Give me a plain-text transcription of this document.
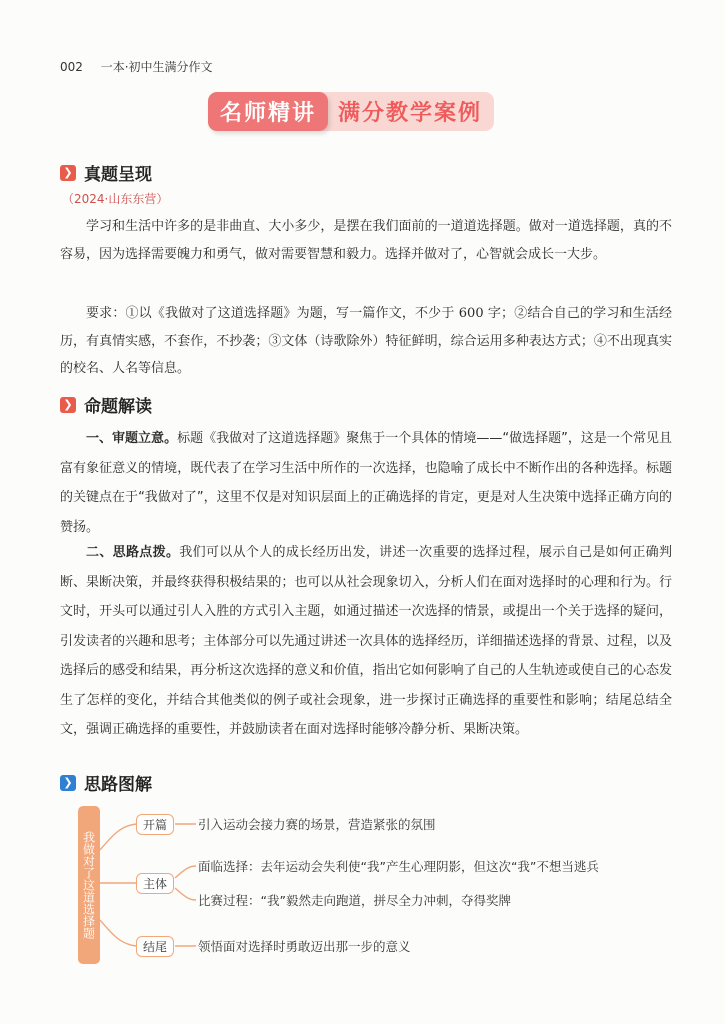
002 一本·初中生满分作文
名师精讲	满分教学案例
❯ 真题呈现
（2024·山东东营）

学习和生活中许多的是非曲直、大小多少，是摆在我们面前的一道道选择题。做对一道选择题，真的不容易，因为选择需要魄力和勇气，做对需要智慧和毅力。选择并做对了，心智就会成长一大步。

要求：①以《我做对了这道选择题》为题，写一篇作文，不少于 600 字；②结合自己的学习和生活经历，有真情实感，不套作，不抄袭；③文体（诗歌除外）特征鲜明，综合运用多种表达方式；④不出现真实的校名、人名等信息。

❯ 命题解读

一、审题立意。标题《我做对了这道选择题》聚焦于一个具体的情境——“做选择题”，这是一个常见且富有象征意义的情境，既代表了在学习生活中所作的一次选择，也隐喻了成长中不断作出的各种选择。标题的关键点在于“我做对了”，这里不仅是对知识层面上的正确选择的肯定，更是对人生决策中选择正确方向的赞扬。

二、思路点拨。我们可以从个人的成长经历出发，讲述一次重要的选择过程，展示自己是如何正确判断、果断决策，并最终获得积极结果的；也可以从社会现象切入，分析人们在面对选择时的心理和行为。行文时，开头可以通过引人入胜的方式引入主题，如通过描述一次选择的情景，或提出一个关于选择的疑问，引发读者的兴趣和思考；主体部分可以先通过讲述一次具体的选择经历，详细描述选择的背景、过程，以及选择后的感受和结果，再分析这次选择的意义和价值，指出它如何影响了自己的人生轨迹或使自己的心态发生了怎样的变化，并结合其他类似的例子或社会现象，进一步探讨正确选择的重要性和影响；结尾总结全文，强调正确选择的重要性，并鼓励读者在面对选择时能够冷静分析、果断决策。

❯ 思路图解
我做对了这道选择题
开篇	引入运动会接力赛的场景，营造紧张的氛围
主体
面临选择：去年运动会失利使“我”产生心理阴影，但这次“我”不想当逃兵
比赛过程：“我”毅然走向跑道，拼尽全力冲刺，夺得奖牌
结尾	领悟面对选择时勇敢迈出那一步的意义
